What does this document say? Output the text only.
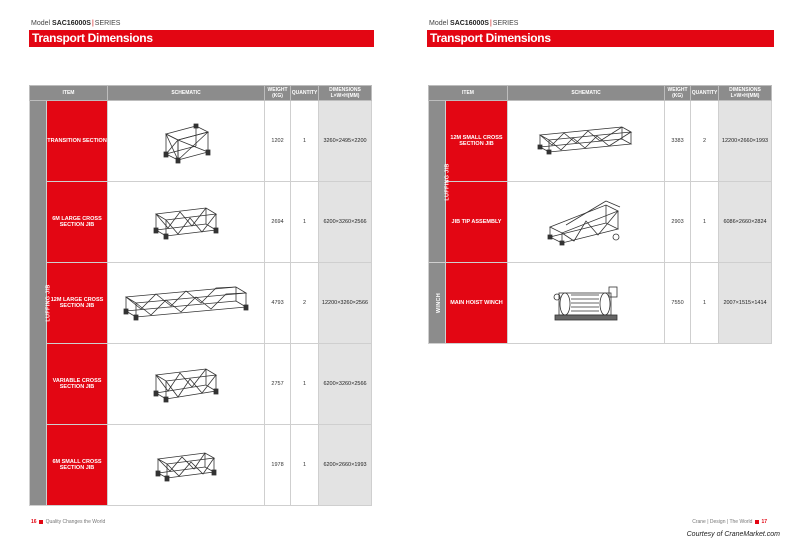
Model SAC16000S|SERIES
Transport Dimensions
ITEM		SCHEMATIC	WEIGHT (KG)	QUANTITY	DIMENSIONS L×W×H(MM)
LUFFING JIB	TRANSITION SECTION		1202	1	3260×2495×2200
	6M LARGE CROSS SECTION JIB		2694	1	6200×3260×2566
	12M LARGE CROSS SECTION JIB		4793	2	12200×3260×2566
	VARIABLE CROSS SECTION JIB		2757	1	6200×3260×2566
	6M SMALL CROSS SECTION JIB		1978	1	6200×2660×1993
16 Quality Changes the World
Model SAC16000S|SERIES
Transport Dimensions
ITEM		SCHEMATIC	WEIGHT (KG)	QUANTITY	DIMENSIONS L×W×H(MM)
LUFFING JIB	12M SMALL CROSS SECTION JIB		3383	2	12200×2660×1993
	JIB TIP ASSEMBLY		2903	1	6086×2660×2824
WINCH	MAIN HOIST WINCH		7550	1	2007×1515×1414
Crane | Design | The World 17
Courtesy of CraneMarket.com
